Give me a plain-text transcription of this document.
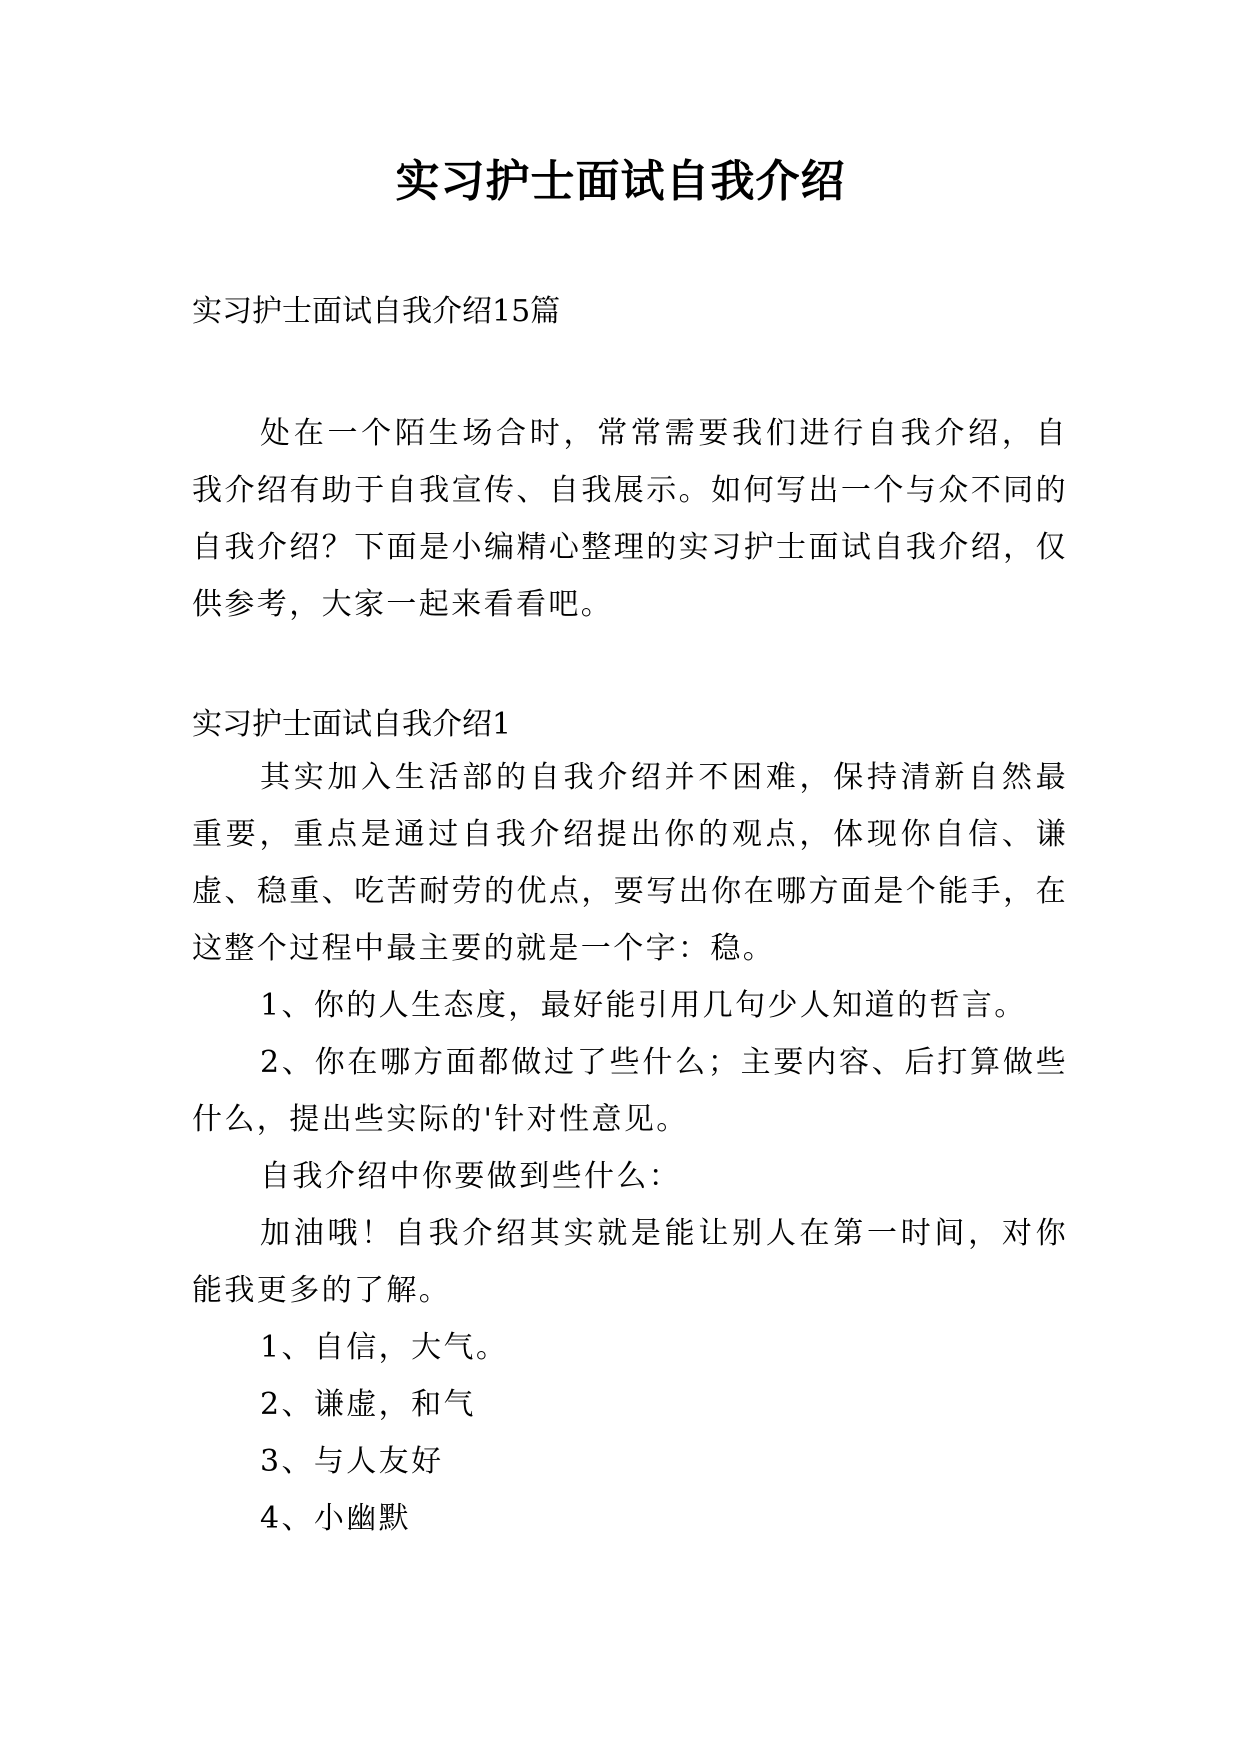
实习护士面试自我介绍
实习护士面试自我介绍15篇

处在一个陌生场合时，常常需要我们进行自我介绍，自我介绍有助于自我宣传、自我展示。如何写出一个与众不同的自我介绍？下面是小编精心整理的实习护士面试自我介绍，仅供参考，大家一起来看看吧。

实习护士面试自我介绍1

其实加入生活部的自我介绍并不困难，保持清新自然最重要，重点是通过自我介绍提出你的观点，体现你自信、谦虚、稳重、吃苦耐劳的优点，要写出你在哪方面是个能手，在这整个过程中最主要的就是一个字：稳。

1、你的人生态度，最好能引用几句少人知道的哲言。

2、你在哪方面都做过了些什么；主要内容、后打算做些什么，提出些实际的'针对性意见。

自我介绍中你要做到些什么：

加油哦！自我介绍其实就是能让别人在第一时间，对你能我更多的了解。

1、自信，大气。

2、谦虚，和气

3、与人友好

4、小幽默
